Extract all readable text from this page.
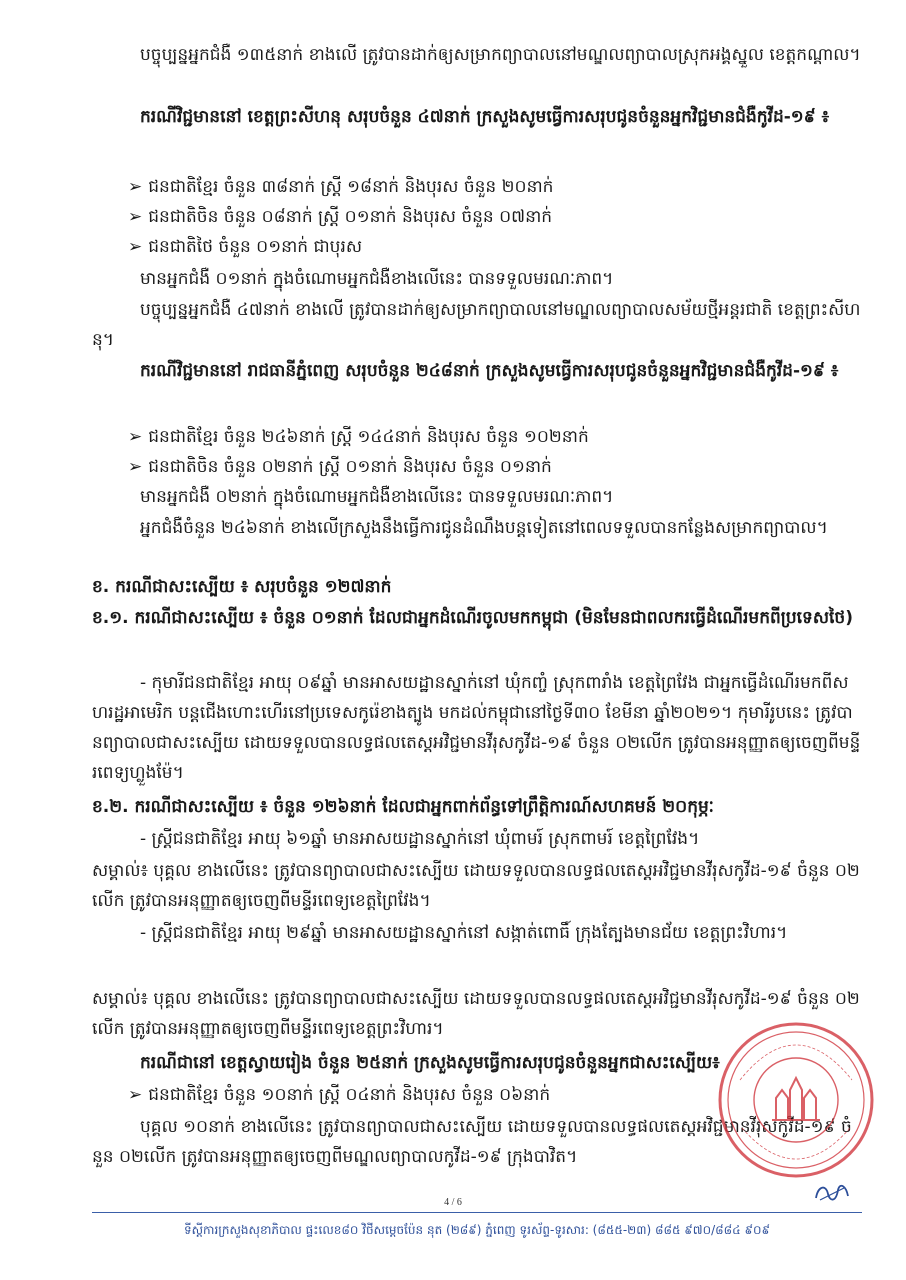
បច្ចុប្បន្នអ្នកជំងឺ ១៣៥នាក់ ខាងលើ ត្រូវបានដាក់ឲ្យសម្រាកព្យាបាលនៅមណ្ឌលព្យាបាលស្រុកអង្គស្នួល ខេត្តកណ្ដាល។

ករណីវិជ្ជមាននៅ ខេត្តព្រះសីហនុ សរុបចំនួន ៤៧នាក់ ក្រសួងសូមធ្វើការសរុបជូនចំនួនអ្នកវិជ្ជមានជំងឺកូវីដ-១៩ ៖

➢ ជនជាតិខ្មែរ ចំនួន ៣៨នាក់ ស្ត្រី ១៨នាក់ និងបុរស ចំនួន ២០នាក់

➢ ជនជាតិចិន ចំនួន ០៨នាក់ ស្ត្រី ០១នាក់ និងបុរស ចំនួន ០៧នាក់

➢ ជនជាតិថៃ ចំនួន ០១នាក់ ជាបុរស

មានអ្នកជំងឺ ០១នាក់ ក្នុងចំណោមអ្នកជំងឺខាងលើនេះ បានទទួលមរណៈភាព។

បច្ចុប្បន្នអ្នកជំងឺ ៤៧នាក់ ខាងលើ ត្រូវបានដាក់ឲ្យសម្រាកព្យាបាលនៅមណ្ឌលព្យាបាលសម័យថ្មីអន្តរជាតិ ខេត្តព្រះសីហនុ។

ករណីវិជ្ជមាននៅ រាជធានីភ្នំពេញ សរុបចំនួន ២៤៨នាក់ ក្រសួងសូមធ្វើការសរុបជូនចំនួនអ្នកវិជ្ជមានជំងឺកូវីដ-១៩ ៖

➢ ជនជាតិខ្មែរ ចំនួន ២៤៦នាក់ ស្ត្រី ១៤៤នាក់ និងបុរស ចំនួន ១០២នាក់

➢ ជនជាតិចិន ចំនួន ០២នាក់ ស្ត្រី ០១នាក់ និងបុរស ចំនួន ០១នាក់

មានអ្នកជំងឺ ០២នាក់ ក្នុងចំណោមអ្នកជំងឺខាងលើនេះ បានទទួលមរណៈភាព។

អ្នកជំងឺចំនួន ២៤៦នាក់ ខាងលើក្រសួងនឹងធ្វើការជូនដំណឹងបន្តទៀតនៅពេលទទួលបានកន្លែងសម្រាកព្យាបាល។

ខ. ករណីជាសះស្បើយ ៖ សរុបចំនួន ១២៧នាក់

ខ.១. ករណីជាសះស្បើយ ៖ ចំនួន ០១នាក់ ដែលជាអ្នកដំណើរចូលមកកម្ពុជា (មិនមែនជាពលករធ្វើដំណើរមកពីប្រទេសថៃ)

- កុមារីជនជាតិខ្មែរ អាយុ ០៩ឆ្នាំ មានអាសយដ្ឋានស្នាក់នៅ ឃុំកញ្ចំ ស្រុកពារាំង ខេត្តព្រៃវែង ជាអ្នកធ្វើដំណើរមកពីសហរដ្ឋអាមេរិក បន្តជើងហោះហើរនៅប្រទេសកូរ៉េខាងត្បូង មកដល់កម្ពុជានៅថ្ងៃទី៣០ ខែមីនា ឆ្នាំ២០២១។ កុមារីរូបនេះ ត្រូវបានព្យាបាលជាសះស្បើយ ដោយទទួលបានលទ្ធផលតេស្តអវិជ្ជមានវីរុសកូវីដ-១៩ ចំនួន ០២លើក ត្រូវបានអនុញ្ញាតឲ្យចេញពីមន្ទីរពេទ្យហ្លួងម៉ែ។

ខ.២. ករណីជាសះស្បើយ ៖ ចំនួន ១២៦នាក់ ដែលជាអ្នកពាក់ព័ន្ធទៅព្រឹត្តិការណ៍សហគមន៍ ២០កុម្ភៈ

- ស្ត្រីជនជាតិខ្មែរ អាយុ ៦១ឆ្នាំ មានអាសយដ្ឋានស្នាក់នៅ ឃុំពាមរ៍ ស្រុកពាមរ៍ ខេត្តព្រៃវែង។

សម្គាល់៖ បុគ្គល ខាងលើនេះ ត្រូវបានព្យាបាលជាសះស្បើយ ដោយទទួលបានលទ្ធផលតេស្តអវិជ្ជមានវីរុសកូវីដ-១៩ ចំនួន ០២លើក ត្រូវបានអនុញ្ញាតឲ្យចេញពីមន្ទីរពេទ្យខេត្តព្រៃវែង។

- ស្ត្រីជនជាតិខ្មែរ អាយុ ២៩ឆ្នាំ មានអាសយដ្ឋានស្នាក់នៅ សង្កាត់ពោធិ៍ ក្រុងត្បែងមានជ័យ ខេត្តព្រះវិហារ។

សម្គាល់៖ បុគ្គល ខាងលើនេះ ត្រូវបានព្យាបាលជាសះស្បើយ ដោយទទួលបានលទ្ធផលតេស្តអវិជ្ជមានវីរុសកូវីដ-១៩ ចំនួន ០២លើក ត្រូវបានអនុញ្ញាតឲ្យចេញពីមន្ទីរពេទ្យខេត្តព្រះវិហារ។

ករណីជានៅ ខេត្តស្វាយរៀង ចំនួន ២៥នាក់ ក្រសួងសូមធ្វើការសរុបជូនចំនួនអ្នកជាសះស្បើយ៖

➢ ជនជាតិខ្មែរ ចំនួន ១០នាក់ ស្ត្រី ០៤នាក់ និងបុរស ចំនួន ០៦នាក់

បុគ្គល ១០នាក់ ខាងលើនេះ ត្រូវបានព្យាបាលជាសះស្បើយ ដោយទទួលបានលទ្ធផលតេស្តអវិជ្ជមានវីរុសកូវីដ-១៩ ចំនួន ០២លើក ត្រូវបានអនុញ្ញាតឲ្យចេញពីមណ្ឌលព្យាបាលកូវីដ-១៩ ក្រុងបាវិត។

4 / 6
ទីស្តីការក្រសួងសុខាភិបាល ផ្ទះលេខ៨០ វិថីសម្តេចប៉ែន នុត (២៨៩) ភ្នំពេញ ទូរស័ព្ទ-ទូរសារ: (៨៥៥-២៣) ៨៨៥ ៩៧០/៨៨៤ ៩០៩
